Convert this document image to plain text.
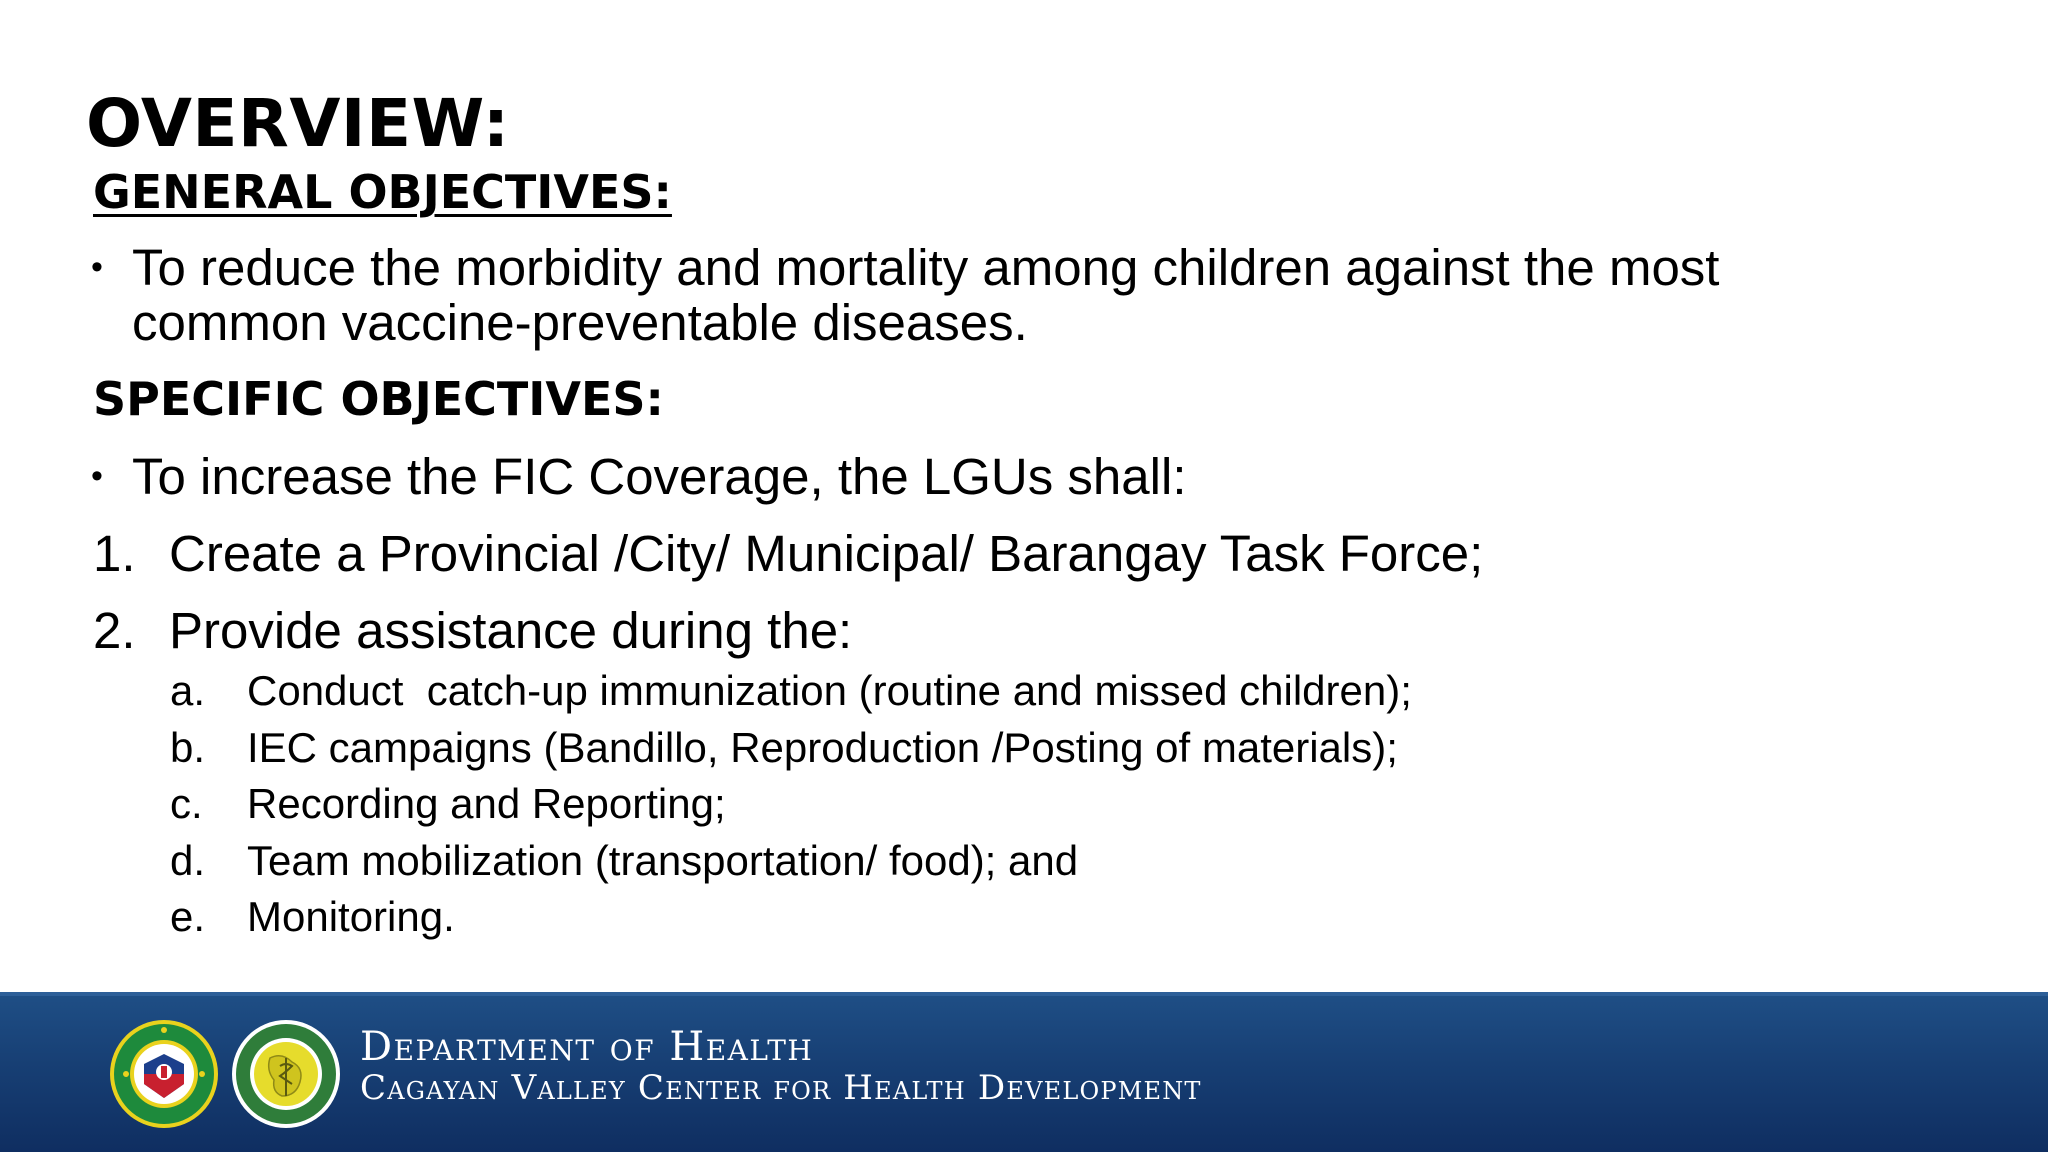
OVERVIEW:
GENERAL OBJECTIVES:
• To reduce the morbidity and mortality among children against the most
common vaccine-preventable diseases.
SPECIFIC OBJECTIVES:
• To increase the FIC Coverage, the LGUs shall:
1. Create a Provincial /City/ Municipal/ Barangay Task Force;
2. Provide assistance during the:
a. Conduct  catch-up immunization (routine and missed children);
b. IEC campaigns (Bandillo, Reproduction /Posting of materials);
c. Recording and Reporting;
d. Team mobilization (transportation/ food); and
e. Monitoring.
Department of Health
Cagayan Valley Center for Health Development
